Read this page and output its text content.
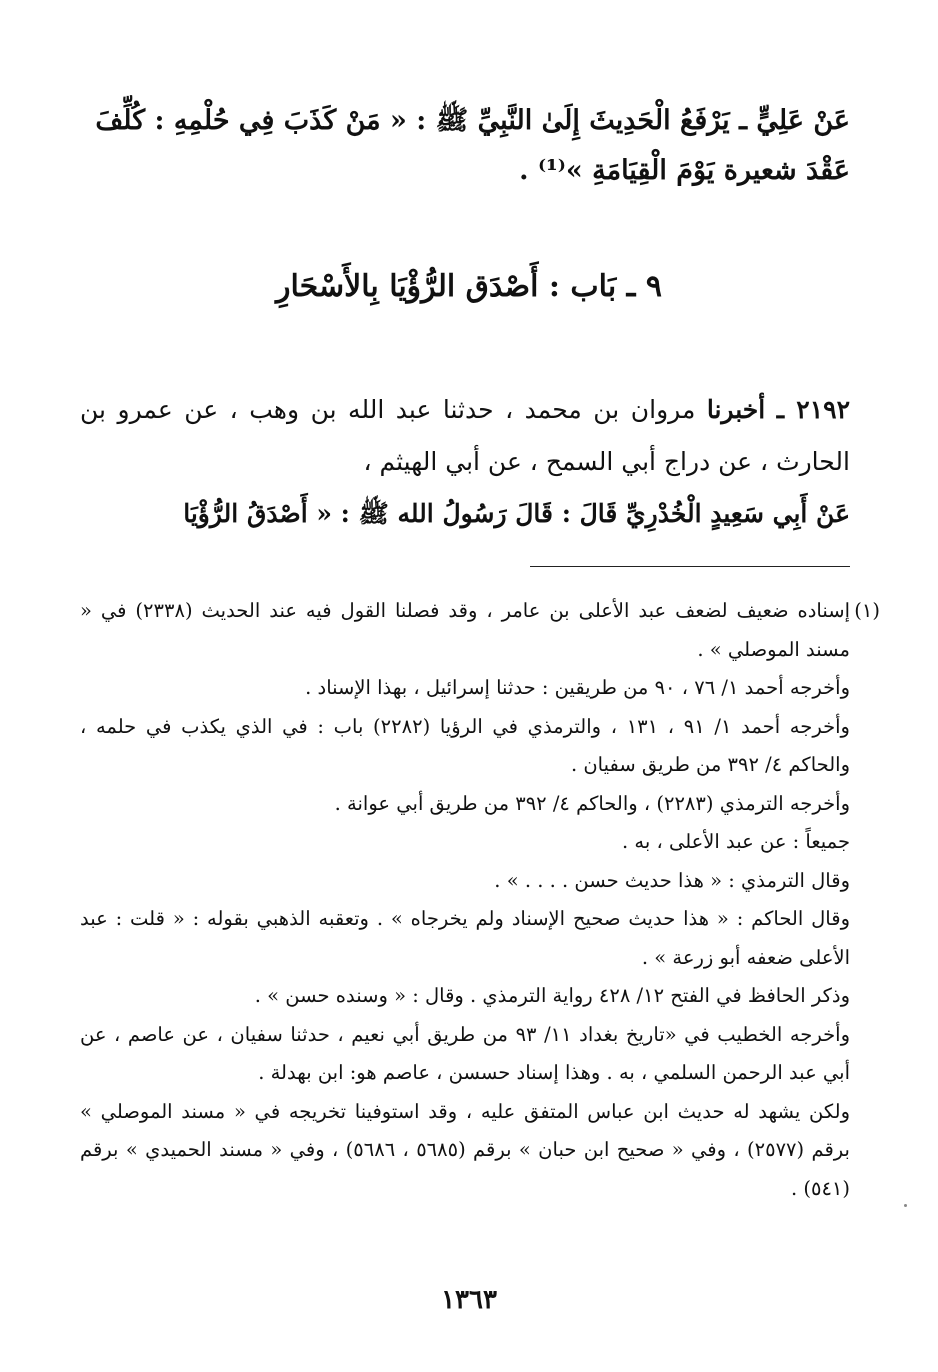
عَنْ عَلِيٍّ ـ يَرْفَعُ الْحَدِيثَ إِلَىٰ النَّبِيِّ ﷺ : « مَنْ كَذَبَ فِي حُلْمِهِ : كُلِّفَ
عَقْدَ شعيرة يَوْمَ الْقِيَامَةِ »⁽¹⁾ .
٩ ـ بَاب : أَصْدَق الرُّؤْيَا بِالأَسْحَارِ
٢١٩٢ ـ أخبرنا مروان بن محمد ، حدثنا عبد الله بن وهب ، عن عمرو بن الحارث ، عن دراج أبي السمح ، عن أبي الهيثم ،
عَنْ أَبِي سَعِيدٍ الْخُدْرِيِّ قَالَ : قَالَ رَسُولُ الله ﷺ : « أَصْدَقُ الرُّؤْيَا
(١)
إسناده ضعيف لضعف عبد الأعلى بن عامر ، وقد فصلنا القول فيه عند الحديث (٢٣٣٨) في « مسند الموصلي » .
وأخرجه أحمد ١/ ٧٦ ، ٩٠ من طريقين : حدثنا إسرائيل ، بهذا الإسناد .
وأخرجه أحمد ١/ ٩١ ، ١٣١ ، والترمذي في الرؤيا (٢٢٨٢) باب : في الذي يكذب في حلمه ، والحاكم ٤/ ٣٩٢ من طريق سفيان .
وأخرجه الترمذي (٢٢٨٣) ، والحاكم ٤/ ٣٩٢ من طريق أبي عوانة .
جميعاً : عن عبد الأعلى ، به .
وقال الترمذي : « هذا حديث حسن . . . . » .
وقال الحاكم : « هذا حديث صحيح الإسناد ولم يخرجاه » . وتعقبه الذهبي بقوله : « قلت : عبد الأعلى ضعفه أبو زرعة » .
وذكر الحافظ في الفتح ١٢/ ٤٢٨ رواية الترمذي . وقال : « وسنده حسن » .
وأخرجه الخطيب في «تاريخ بغداد ١١/ ٩٣ من طريق أبي نعيم ، حدثنا سفيان ، عن عاصم ، عن أبي عبد الرحمن السلمي ، به . وهذا إسناد حسسن ، عاصم هو: ابن بهدلة .
ولكن يشهد له حديث ابن عباس المتفق عليه ، وقد استوفينا تخريجه في « مسند الموصلي » برقم (٢٥٧٧) ، وفي « صحيح ابن حبان » برقم (٥٦٨٥ ، ٥٦٨٦) ، وفي « مسند الحميدي » برقم (٥٤١) .
١٣٦٣
